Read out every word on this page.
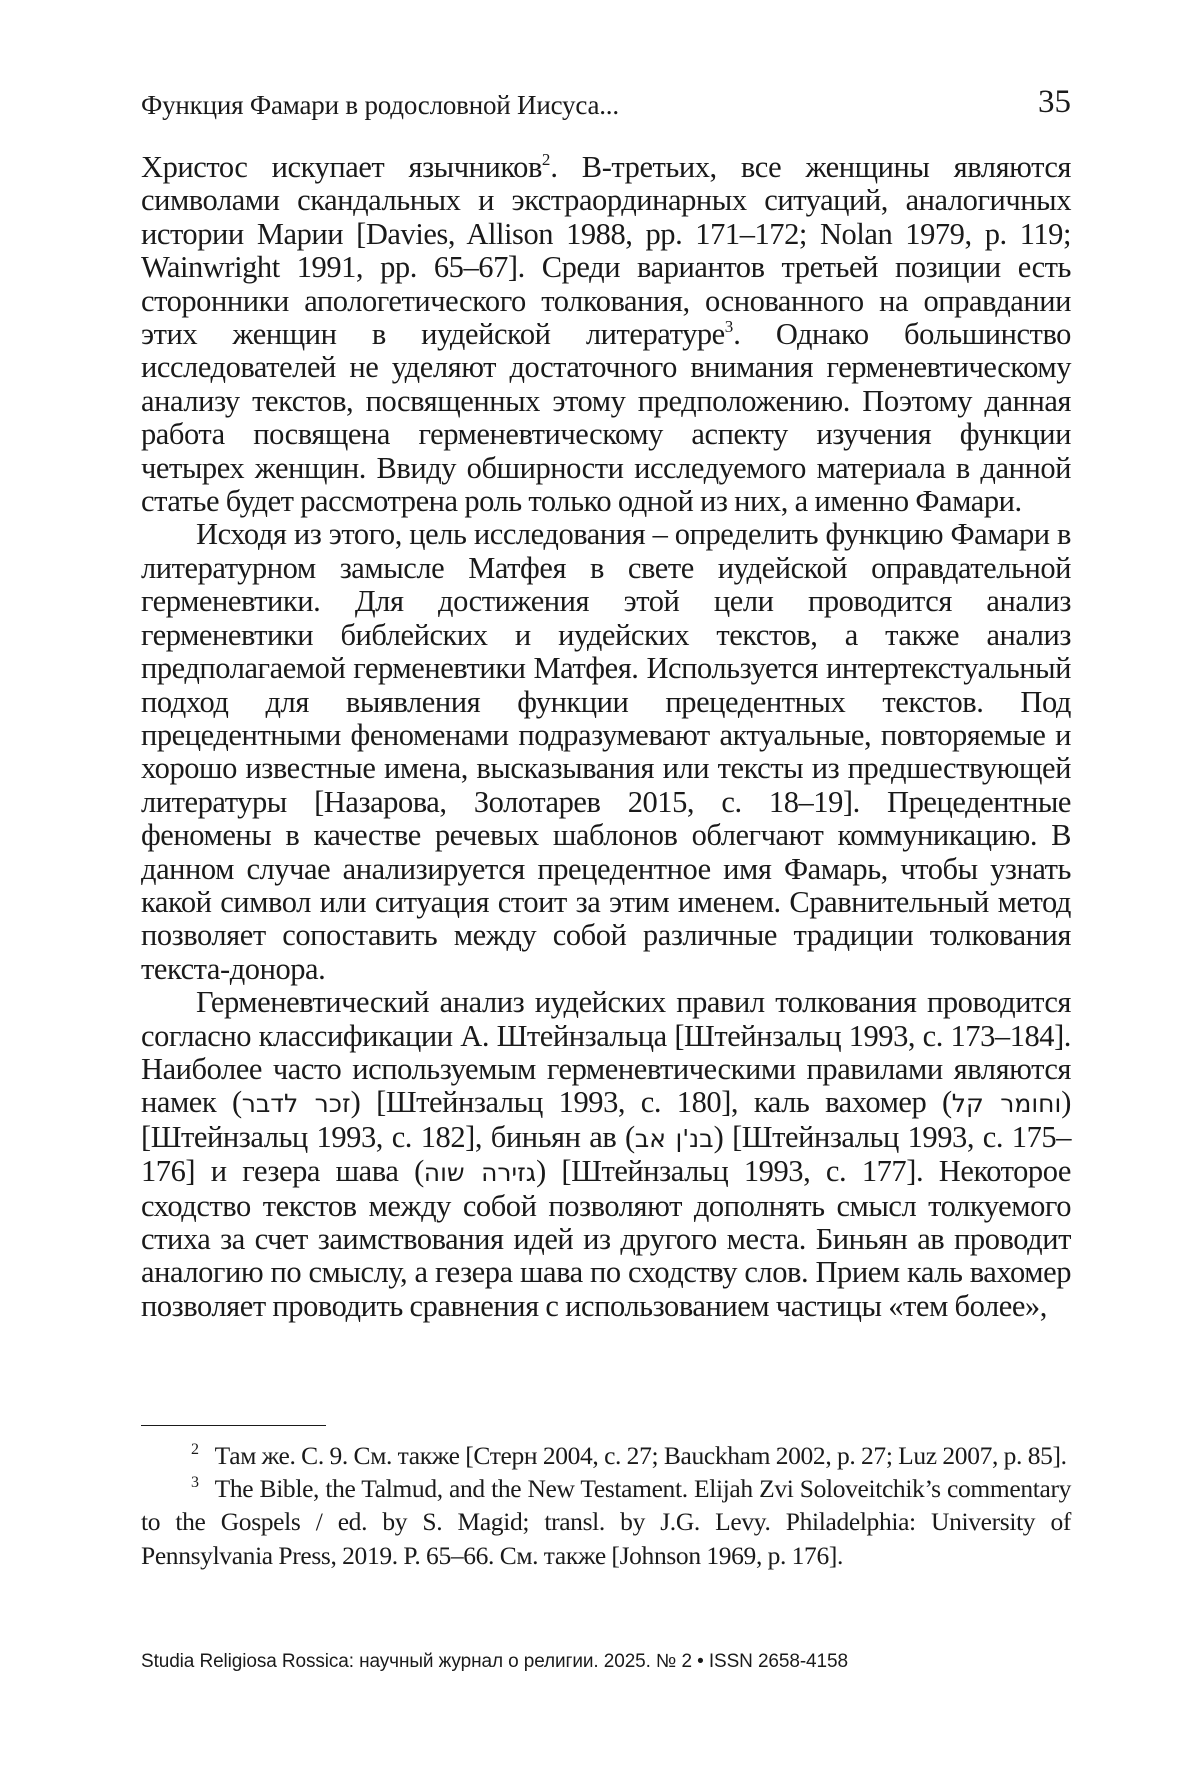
Функция Фамари в родословной Иисуса...	35

Христос искупает язычников$^2$. В-третьих, все женщины являются символами скандальных и экстраординарных ситуаций, аналогичных истории Марии [Davies, Allison 1988, pp. 171–172; Nolan 1979, p. 119; Wainwright 1991, pp. 65–67]. Среди вариантов третьей позиции есть сторонники апологетического толкования, основанного на оправдании этих женщин в иудейской литературе$^3$. Однако большинство исследователей не уделяют достаточного внимания герменевтическому анализу текстов, посвященных этому предположению. Поэтому данная работа посвящена герменевтическому аспекту изучения функции четырех женщин. Ввиду обширности исследуемого материала в данной статье будет рассмотрена роль только одной из них, а именно Фамари.

Исходя из этого, цель исследования – определить функцию Фамари в литературном замысле Матфея в свете иудейской оправдательной герменевтики. Для достижения этой цели проводится анализ герменевтики библейских и иудейских текстов, а также анализ предполагаемой герменевтики Матфея. Используется интертекстуальный подход для выявления функции прецедентных текстов. Под прецедентными феноменами подразумевают актуальные, повторяемые и хорошо известные имена, высказывания или тексты из предшествующей литературы [Назарова, Золотарев 2015, с. 18–19]. Прецедентные феномены в качестве речевых шаблонов облегчают коммуникацию. В данном случае анализируется прецедентное имя Фамарь, чтобы узнать какой символ или ситуация стоит за этим именем. Сравнительный метод позволяет сопоставить между собой различные традиции толкования текста-донора.

Герменевтический анализ иудейских правил толкования проводится согласно классификации А. Штейнзальца [Штейнзальц 1993, с. 173–184]. Наиболее часто используемым герменевтическими правилами являются намек (זכר לדבר) [Штейнзальц 1993, с. 180], каль вахомер (וחומר קל) [Штейнзальц 1993, с. 182], биньян ав (בנ'ן אב) [Штейнзальц 1993, с. 175–176] и гезера шава (גזירה שוה) [Штейнзальц 1993, с. 177]. Некоторое сходство текстов между собой позволяют дополнять смысл толкуемого стиха за счет заимствования идей из другого места. Биньян ав проводит аналогию по смыслу, а гезера шава по сходству слов. Прием каль вахомер позволяет проводить сравнения с использованием частицы «тем более»,

$^2$ Там же. С. 9. См. также [Стерн 2004, с. 27; Bauckham 2002, p. 27; Luz 2007, p. 85].

$^3$ The Bible, the Talmud, and the New Testament. Elijah Zvi Soloveitchik’s commentary to the Gospels / ed. by S. Magid; transl. by J.G. Levy. Philadelphia: University of Pennsylvania Press, 2019. P. 65–66. См. также [Johnson 1969, p. 176].

Studia Religiosa Rossica: научный журнал о религии. 2025. № 2 • ISSN 2658-4158
